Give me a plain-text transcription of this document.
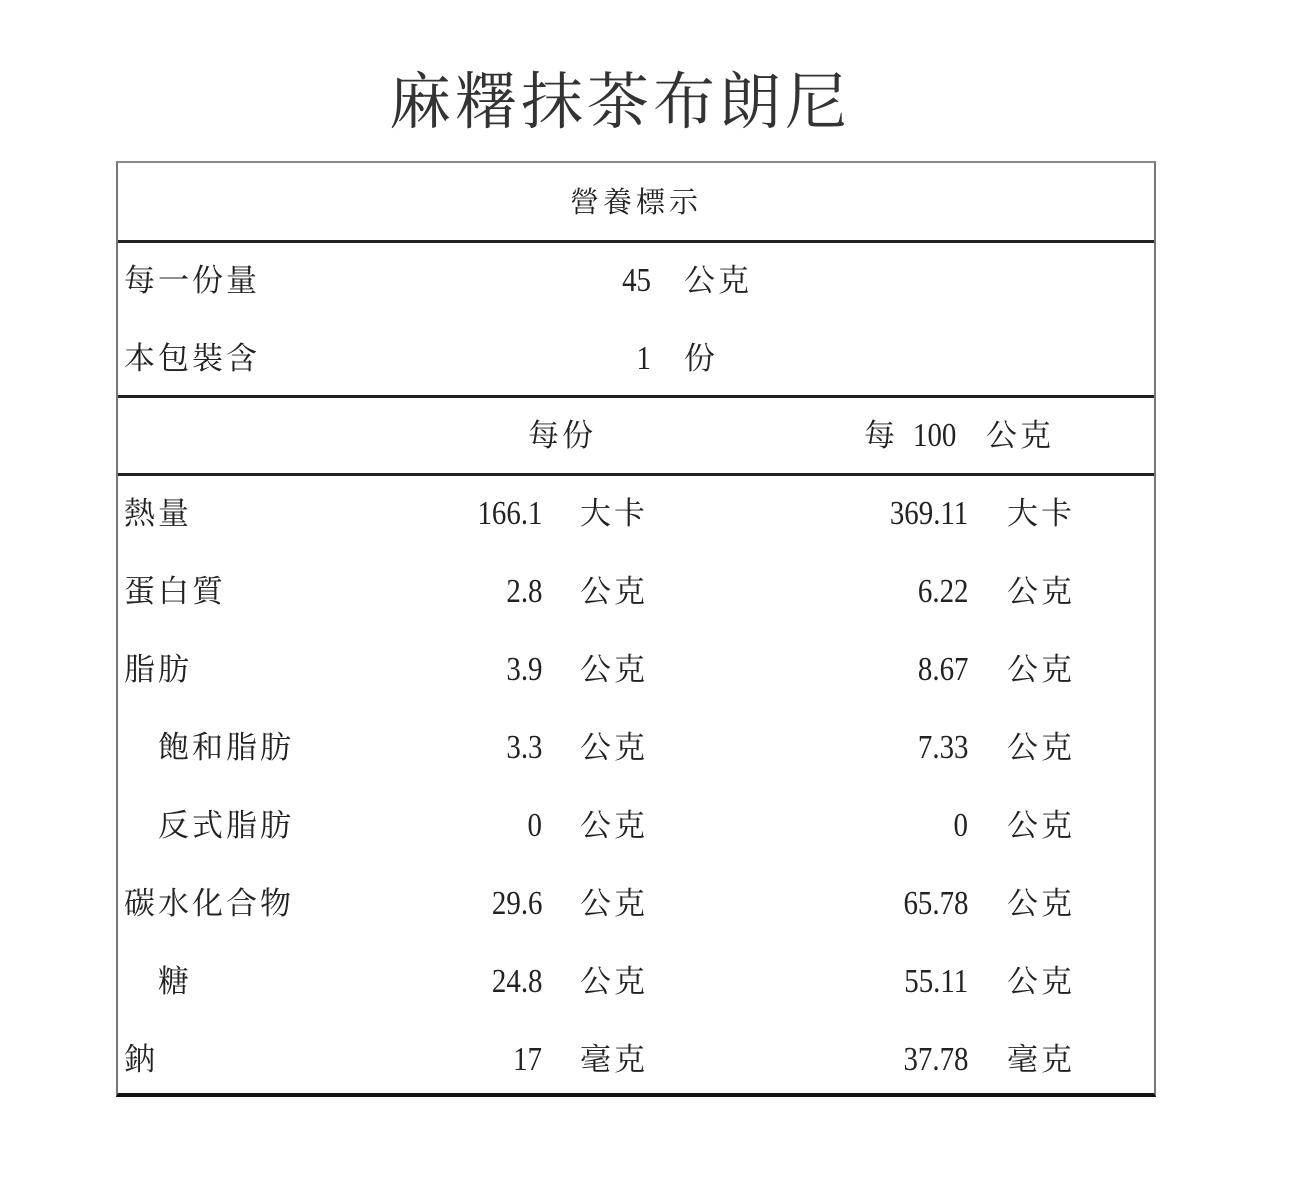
麻糬抹茶布朗尼
營養標示
每一份量	45 公克
本包裝含	1 份
每份	每 100 公克
熱量	166.1 大卡	369.11 大卡
蛋白質	2.8 公克	6.22 公克
脂肪	3.9 公克	8.67 公克
飽和脂肪	3.3 公克	7.33 公克
反式脂肪	0 公克	0 公克
碳水化合物	29.6 公克	65.78 公克
糖	24.8 公克	55.11 公克
鈉	17 毫克	37.78 毫克
